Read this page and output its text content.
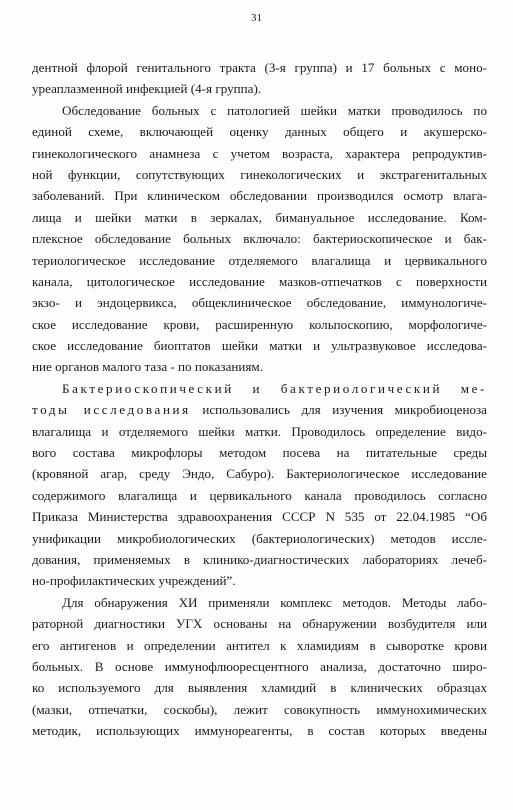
31
дентной флорой генитального тракта (3-я группа) и 17 больных с моно-
уреаплазменной инфекцией (4-я группа).
Обследование больных с патологией шейки матки проводилось по
единой схеме, включающей оценку данных общего и акушерско-
гинекологического анамнеза с учетом возраста, характера репродуктив-
ной функции, сопутствующих гинекологических и экстрагенитальных
заболеваний. При клиническом обследовании производился осмотр влага-
лища и шейки матки в зеркалах, бимануальное исследование. Ком-
плексное обследование больных включало: бактериоскопическое и бак-
териологическое исследование отделяемого влагалища и цервикального
канала, цитологическое исследование мазков-отпечатков с поверхности
экзо- и эндоцервикса, общеклиническое обследование, иммунологиче-
ское исследование крови, расширенную кольпоскопию, морфологиче-
ское исследование биоптатов шейки матки и ультразвуковое исследова-
ние органов малого таза - по показаниям.
Бактериоскопический и бактериологический ме-
тоды исследования использовались для изучения микробиоценоза
влагалища и отделяемого шейки матки. Проводилось определение видо-
вого состава микрофлоры методом посева на питательные среды
(кровяной агар, среду Эндо, Сабуро). Бактериологическое исследование
содержимого влагалища и цервикального канала проводилось согласно
Приказа Министерства здравоохранения СССР N 535 от 22.04.1985 “Об
унификации микробиологических (бактериологических) методов иссле-
дования, применяемых в клинико-диагностических лабораториях лечеб-
но-профилактических учреждений”.
Для обнаружения ХИ применяли комплекс методов. Методы лабо-
раторной диагностики УГХ основаны на обнаружении возбудителя или
его антигенов и определении антител к хламидиям в сыворотке крови
больных. В основе иммунофлюоресцентного анализа, достаточно широ-
ко используемого для выявления хламидий в клинических образцах
(мазки, отпечатки, соскобы), лежит совокупность иммунохимических
методик, использующих иммунореагенты, в состав которых введены
